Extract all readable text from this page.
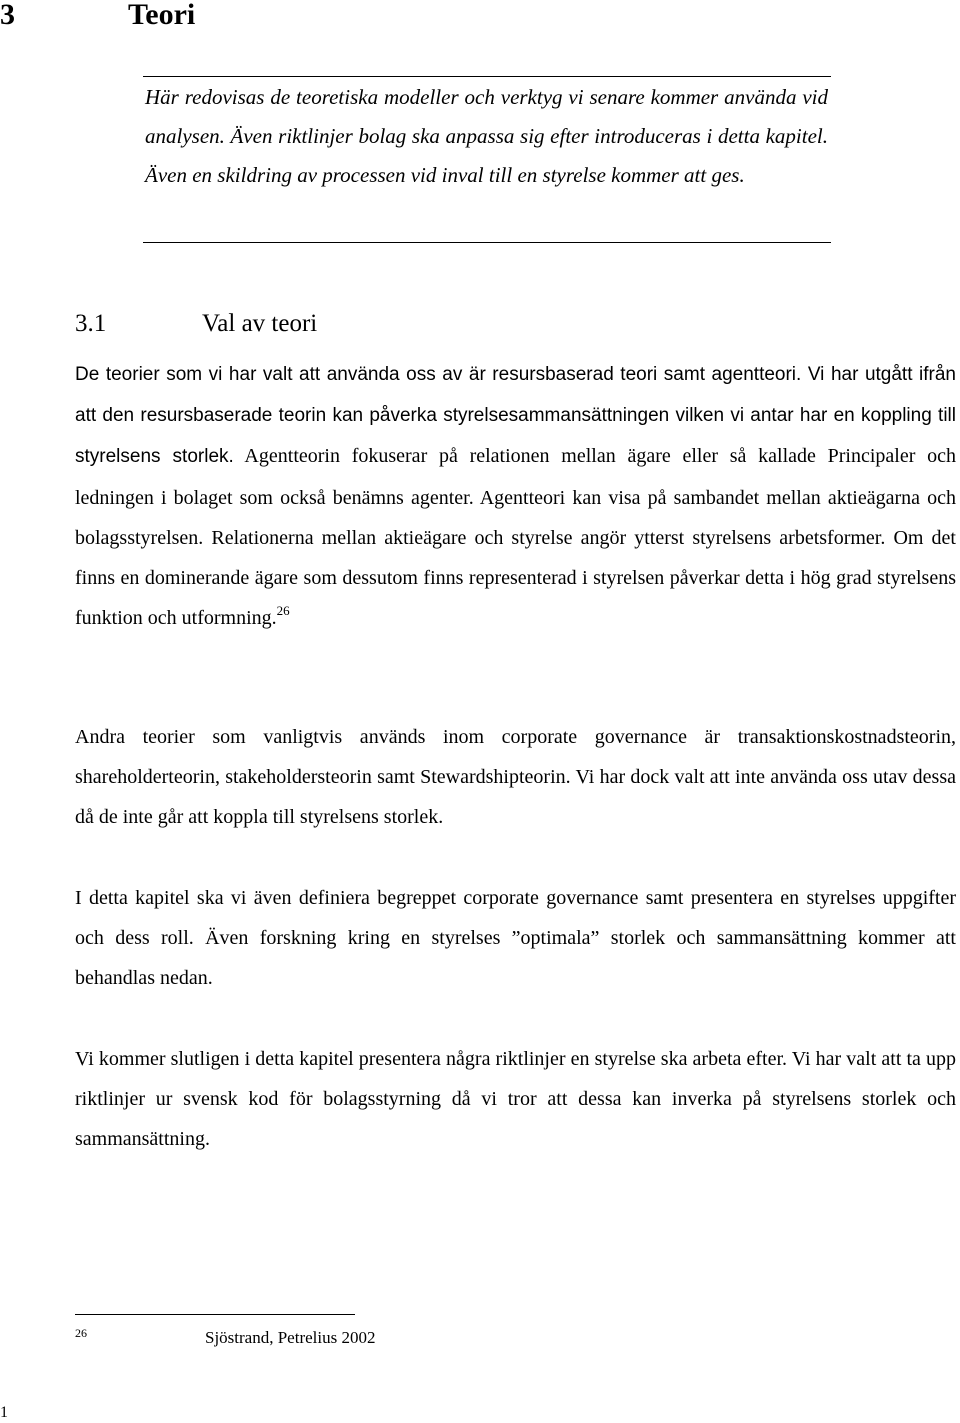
3	Teori

Här redovisas de teoretiska modeller och verktyg vi senare kommer använda vid analysen. Även riktlinjer bolag ska anpassa sig efter introduceras i detta kapitel. Även en skildring av processen vid inval till en styrelse kommer att ges.

3.1	Val av teori

De teorier som vi har valt att använda oss av är resursbaserad teori samt agentteori. Vi har utgått ifrån att den resursbaserade teorin kan påverka styrelsesammansättningen vilken vi antar har en koppling till styrelsens storlek. Agentteorin fokuserar på relationen mellan ägare eller så kallade Principaler och ledningen i bolaget som också benämns agenter. Agentteori kan visa på sambandet mellan aktieägarna och bolagsstyrelsen. Relationerna mellan aktieägare och styrelse angör ytterst styrelsens arbetsformer. Om det finns en dominerande ägare som dessutom finns representerad i styrelsen påverkar detta i hög grad styrelsens funktion och utformning.$^{26}$

Andra teorier som vanligtvis används inom corporate governance är transaktionskostnadsteorin, shareholderteorin, stakeholdersteorin samt Stewardshipteorin. Vi har dock valt att inte använda oss utav dessa då de inte går att koppla till styrelsens storlek.

I detta kapitel ska vi även definiera begreppet corporate governance samt presentera en styrelses uppgifter och dess roll. Även forskning kring en styrelses ”optimala” storlek och sammansättning kommer att behandlas nedan.

Vi kommer slutligen i detta kapitel presentera några riktlinjer en styrelse ska arbeta efter. Vi har valt att ta upp riktlinjer ur svensk kod för bolagsstyrning då vi tror att dessa kan inverka på styrelsens storlek och sammansättning.

26	Sjöstrand, Petrelius 2002

1
